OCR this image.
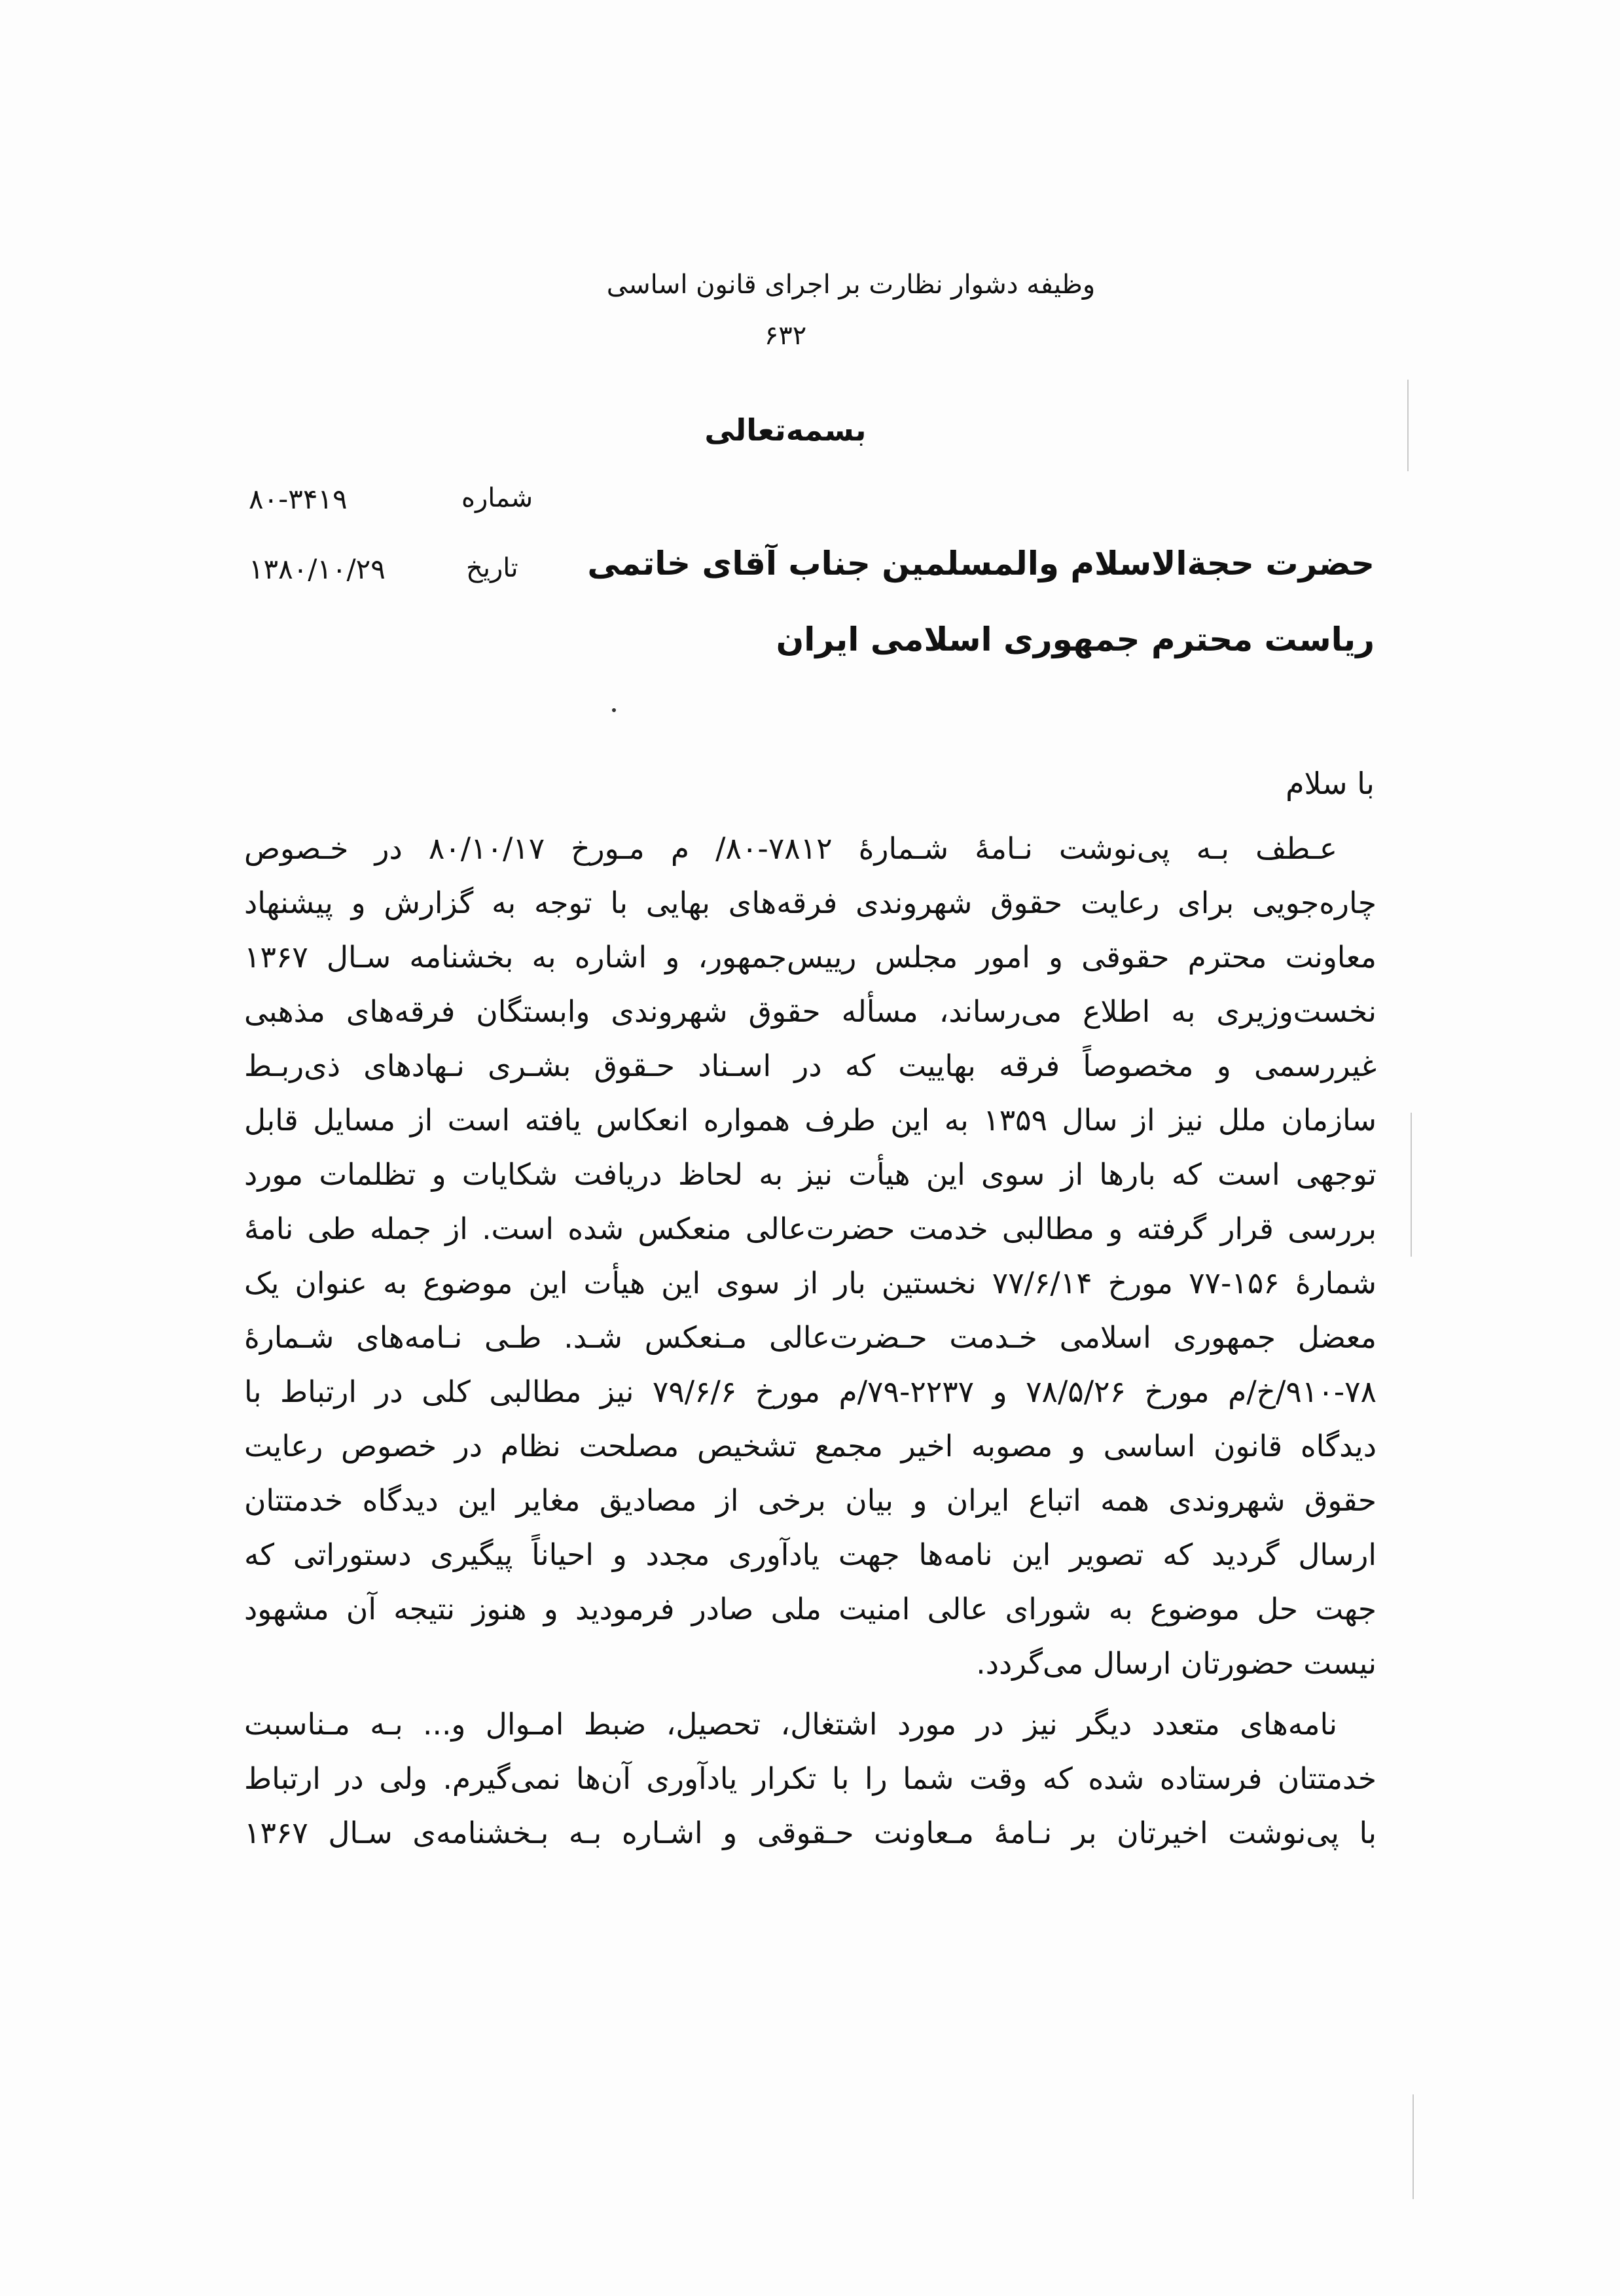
وظیفه دشوار نظارت بر اجرای قانون اساسی
۶۳۲
بسمه‌تعالی
شماره
۸۰-۳۴۱۹
تاریخ
۱۳۸۰/۱۰/۲۹	حضرت حجة‌الاسلام والمسلمین جناب آقای خاتمی
ریاست محترم جمهوری اسلامی ایران
با سلام
عـطف بـه پی‌نوشت نـامهٔ شـمارهٔ ۷۸۱۲-۸۰/ م مـورخ ۸۰/۱۰/۱۷ در خـصوص
چاره‌جویی برای رعایت حقوق شهروندی فرقه‌های بهایی با توجه به گزارش و پیشنهاد
معاونت محترم حقوقی و امور مجلس رییس‌جمهور، و اشاره به بخشنامه سـال ۱۳۶۷
نخست‌وزیری به اطلاع می‌رساند، مسأله حقوق شهروندی وابستگان فرقه‌های مذهبی
غیررسمی و مخصوصاً فرقه بهاییت که در اسـناد حـقوق بشـری نـهادهای ذی‌ربـط
سازمان ملل نیز از سال ۱۳۵۹ به این طرف همواره انعکاس یافته است از مسایل قابل
توجهی است که بارها از سوی این هیأت نیز به لحاظ دریافت شکایات و تظلمات مورد
بررسی قرار گرفته و مطالبی خدمت حضرت‌عالی منعکس شده است. از جمله طی نامهٔ
شمارهٔ ۱۵۶-۷۷ مورخ ۷۷/۶/۱۴ نخستین بار از سوی این هیأت این موضوع به عنوان یک
معضل جمهوری اسلامی خـدمت حـضرت‌عالی مـنعکس شـد. طـی نـامه‌های شـمارهٔ
۹۱۰-۷۸/خ/م مورخ ۷۸/۵/۲۶ و ۲۲۳۷-۷۹/م مورخ ۷۹/۶/۶ نیز مطالبی کلی در ارتباط با
دیدگاه قانون اساسی و مصوبه اخیر مجمع تشخیص مصلحت نظام در خصوص رعایت
حقوق شهروندی همه اتباع ایران و بیان برخی از مصادیق مغایر این دیدگاه خدمتتان
ارسال گردید که تصویر این نامه‌ها جهت یادآوری مجدد و احیاناً پیگیری دستوراتی که
جهت حل موضوع به شورای عالی امنیت ملی صادر فرمودید و هنوز نتیجه آن مشهود
نیست حضورتان ارسال می‌گردد.
نامه‌های متعدد دیگر نیز در مورد اشتغال، تحصیل، ضبط امـوال و... بـه مـناسبت
خدمتتان فرستاده شده که وقت شما را با تکرار یادآوری آن‌ها نمی‌گیرم. ولی در ارتباط
با پی‌نوشت اخیرتان بر نـامهٔ مـعاونت حـقوقی و اشـاره بـه بـخشنامه‌ی سـال ۱۳۶۷
